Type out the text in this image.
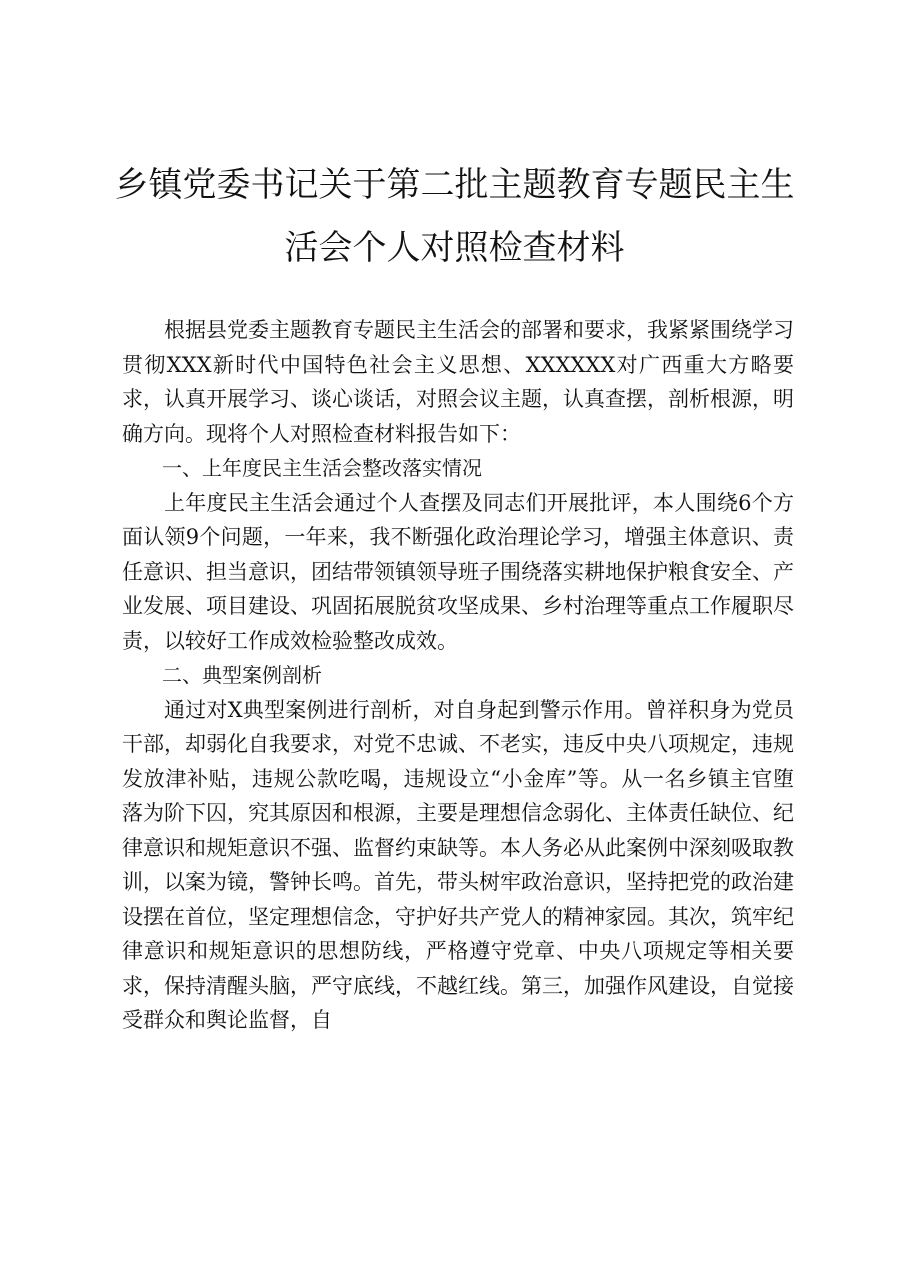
乡镇党委书记关于第二批主题教育专题民主生
活会个人对照检查材料

根据县党委主题教育专题民主生活会的部署和要求，我紧紧围绕学习贯彻XXX新时代中国特色社会主义思想、XXXXXX对广西重大方略要求，认真开展学习、谈心谈话，对照会议主题，认真查摆，剖析根源，明确方向。现将个人对照检查材料报告如下：

一、上年度民主生活会整改落实情况

上年度民主生活会通过个人查摆及同志们开展批评，本人围绕6个方面认领9个问题，一年来，我不断强化政治理论学习，增强主体意识、责任意识、担当意识，团结带领镇领导班子围绕落实耕地保护粮食安全、产业发展、项目建设、巩固拓展脱贫攻坚成果、乡村治理等重点工作履职尽责，以较好工作成效检验整改成效。

二、典型案例剖析

通过对X典型案例进行剖析，对自身起到警示作用。曾祥积身为党员干部，却弱化自我要求，对党不忠诚、不老实，违反中央八项规定，违规发放津补贴，违规公款吃喝，违规设立“小金库”等。从一名乡镇主官堕落为阶下囚，究其原因和根源，主要是理想信念弱化、主体责任缺位、纪律意识和规矩意识不强、监督约束缺等。本人务必从此案例中深刻吸取教训，以案为镜，警钟长鸣。首先，带头树牢政治意识，坚持把党的政治建设摆在首位，坚定理想信念，守护好共产党人的精神家园。其次，筑牢纪律意识和规矩意识的思想防线，严格遵守党章、中央八项规定等相关要求，保持清醒头脑，严守底线，不越红线。第三，加强作风建设，自觉接受群众和舆论监督，自
